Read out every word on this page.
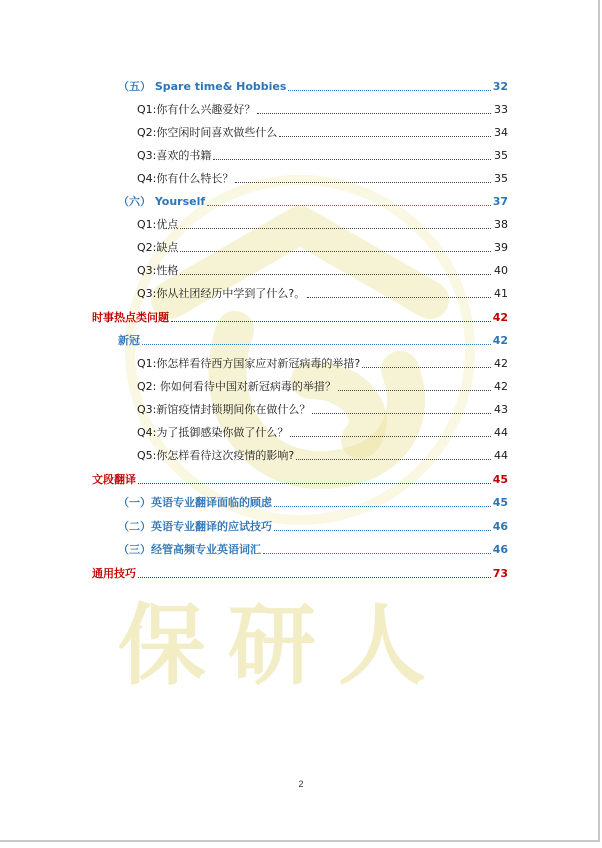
保研人
（五） Spare time& Hobbies	32
Q1:你有什么兴趣爱好？	33
Q2:你空闲时间喜欢做些什么	34
Q3:喜欢的书籍	35
Q4:你有什么特长？	35
（六） Yourself	37
Q1:优点	38
Q2:缺点	39
Q3:性格	40
Q3:你从社团经历中学到了什么?。	41
时事热点类问题	42
新冠	42
Q1:你怎样看待西方国家应对新冠病毒的举措?	42
Q2: 你如何看待中国对新冠病毒的举措？	42
Q3:新馆疫情封锁期间你在做什么？	43
Q4:为了抵御感染你做了什么？	44
Q5:你怎样看待这次疫情的影响?	44
文段翻译	45
（一）英语专业翻译面临的顾虑	45
（二）英语专业翻译的应试技巧	46
（三）经管高频专业英语词汇	46
通用技巧	73
2
